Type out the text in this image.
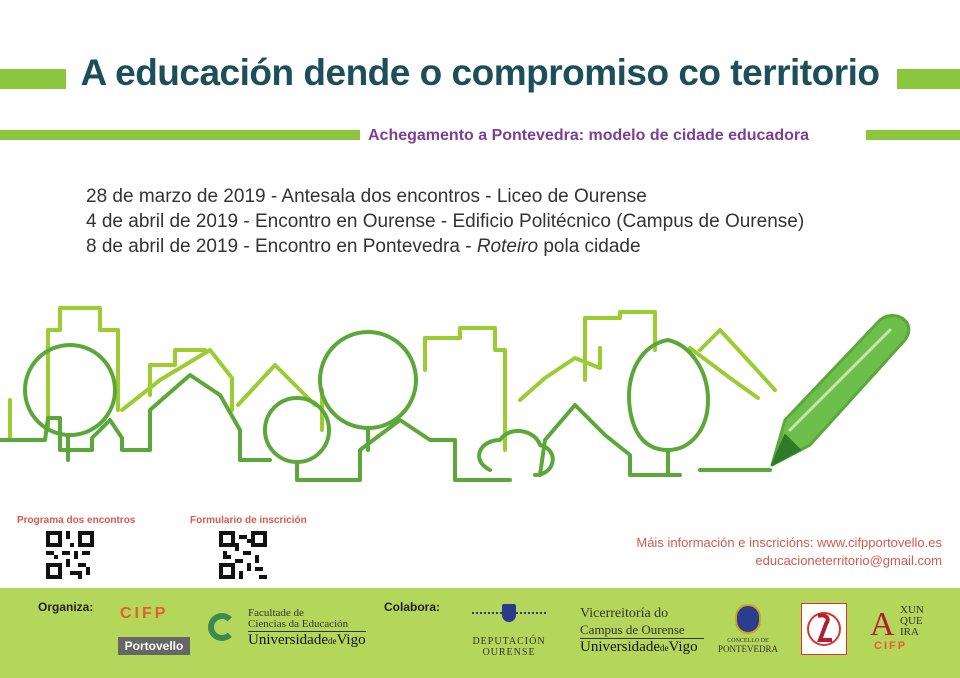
A educación dende o compromiso co territorio
Achegamento a Pontevedra: modelo de cidade educadora
28 de marzo de 2019 - Antesala dos encontros - Liceo de Ourense
4 de abril de 2019 - Encontro en Ourense - Edificio Politécnico (Campus de Ourense)
8 de abril de 2019 - Encontro en Pontevedra - Roteiro pola cidade
Programa dos encontros	Formulario de inscrición
Máis información e inscricións: www.cifpportovello.es
educacioneterritorio@gmail.com
Organiza:	Colabora:
CIFP
Portovello
Facultade de
Ciencias da Educación
UniversidadedeVigo	DEPUTACIÓN
OURENSE
Vicerreitoría do
Campus de Ourense
UniversidadedeVigo	CONCELLO DE
PONTEVEDRA
A XUN
QUE
IRA
CIFP
